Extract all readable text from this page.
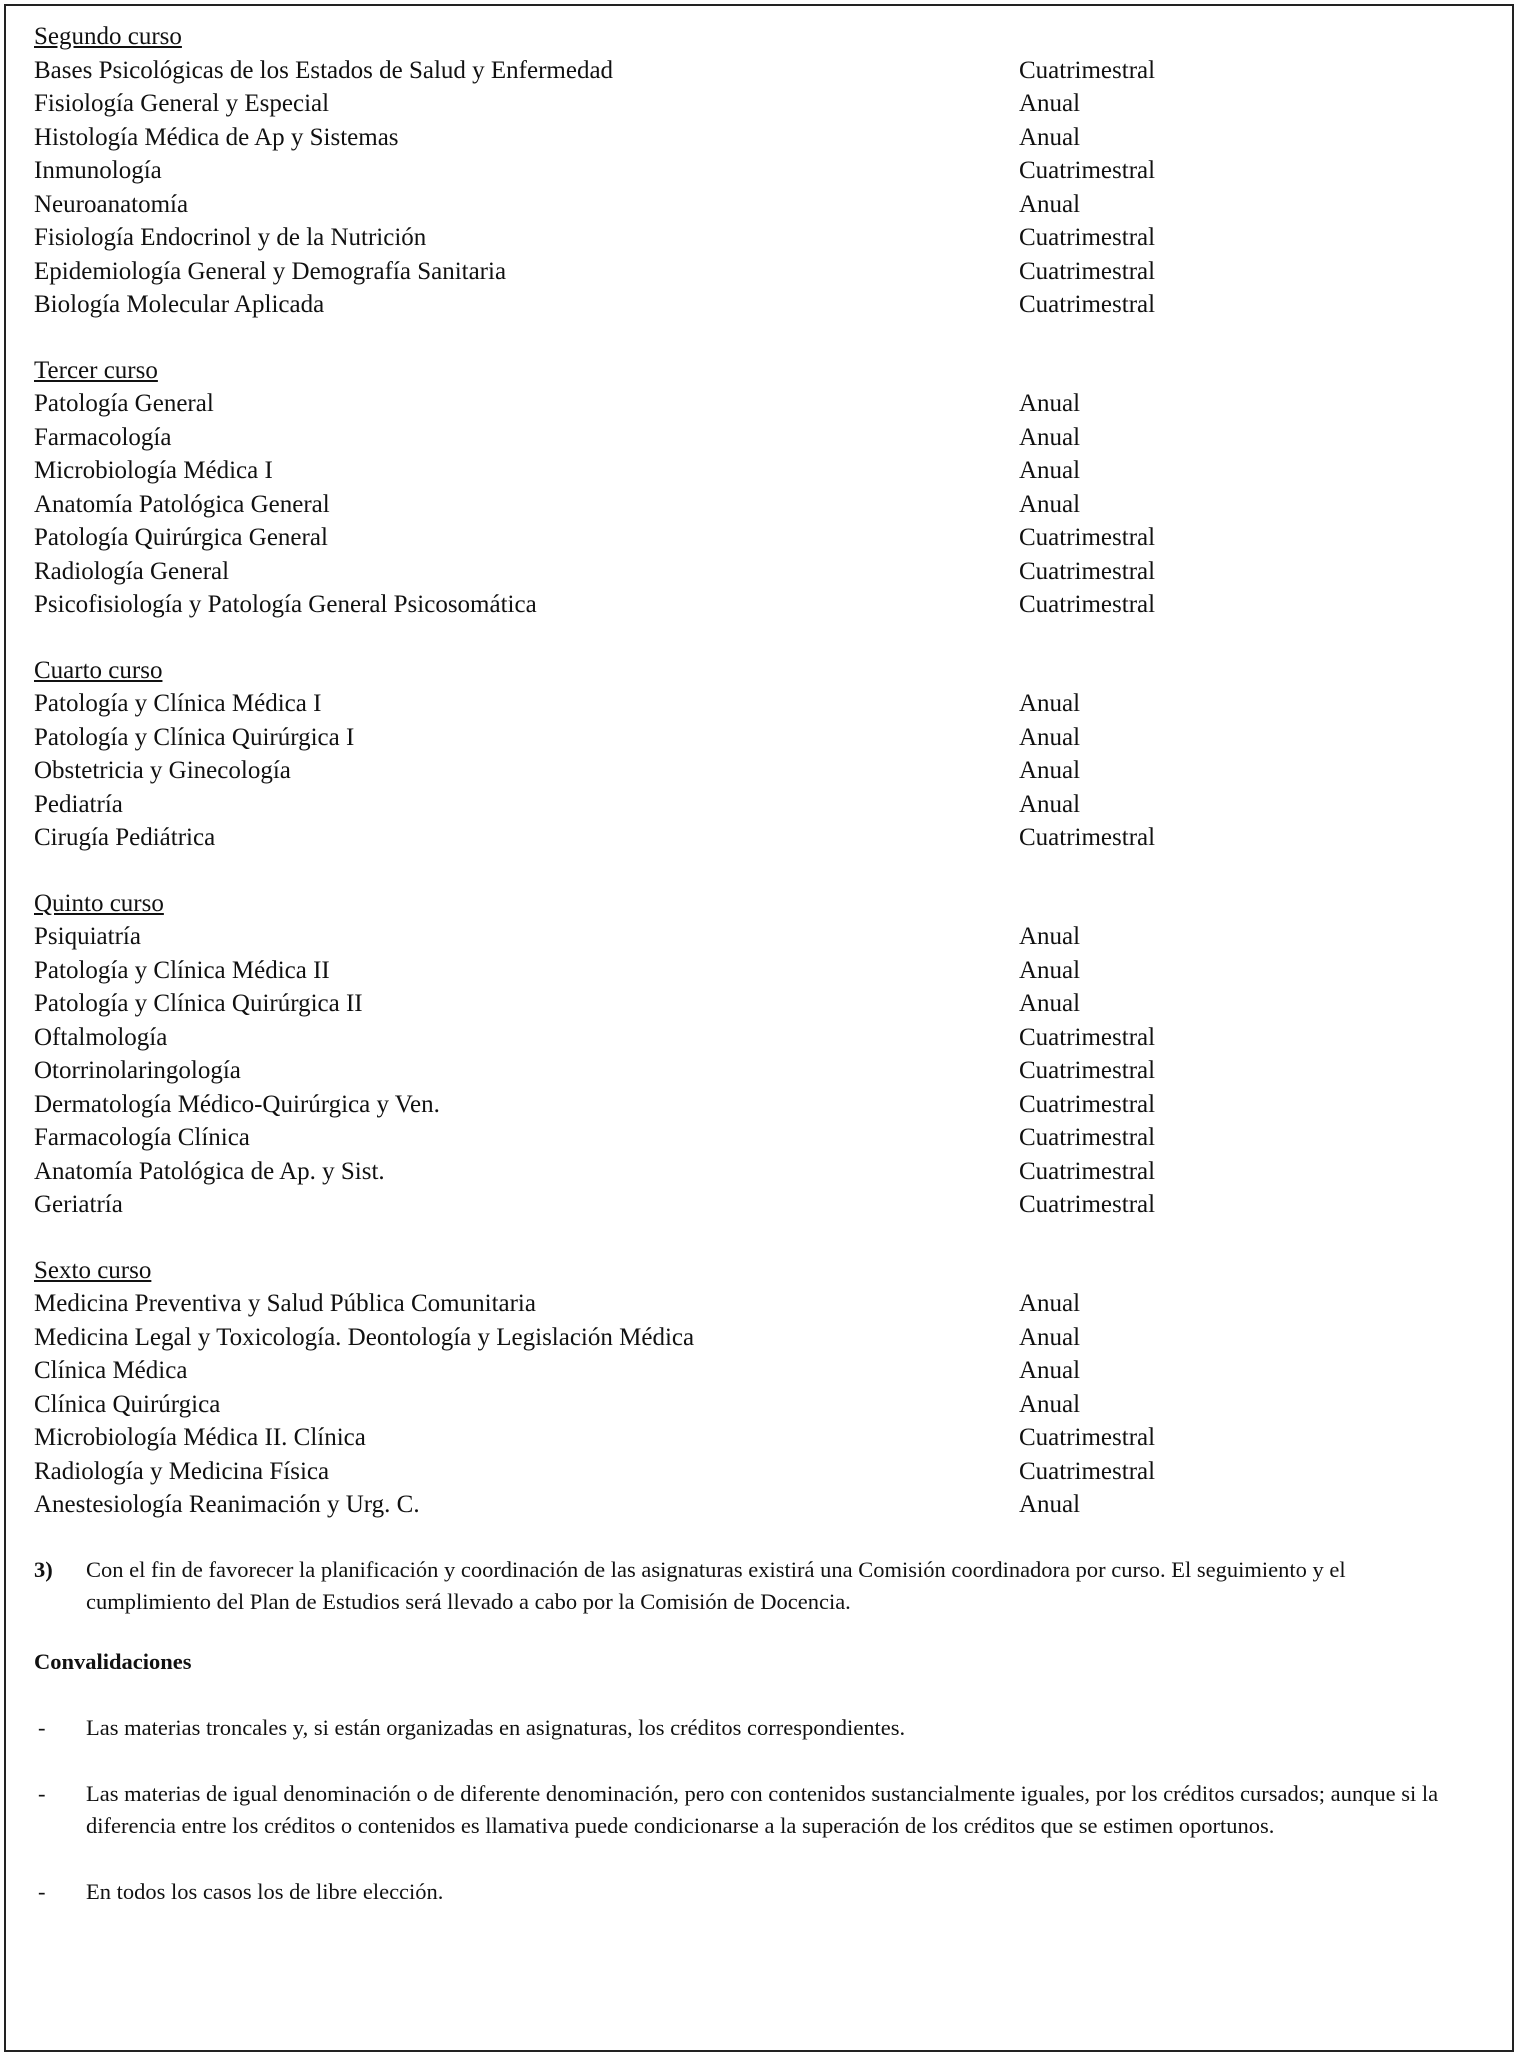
Segundo curso
Bases Psicológicas de los Estados de Salud y Enfermedad	Cuatrimestral
Fisiología General y Especial	Anual
Histología Médica de Ap y Sistemas	Anual
Inmunología	Cuatrimestral
Neuroanatomía	Anual
Fisiología Endocrinol y de la Nutrición	Cuatrimestral
Epidemiología General y Demografía Sanitaria	Cuatrimestral
Biología Molecular Aplicada	Cuatrimestral
Tercer curso
Patología General	Anual
Farmacología	Anual
Microbiología Médica I	Anual
Anatomía Patológica General	Anual
Patología Quirúrgica General	Cuatrimestral
Radiología General	Cuatrimestral
Psicofisiología y Patología General Psicosomática	Cuatrimestral
Cuarto curso
Patología y Clínica Médica I	Anual
Patología y Clínica Quirúrgica I	Anual
Obstetricia y Ginecología	Anual
Pediatría	Anual
Cirugía Pediátrica	Cuatrimestral
Quinto curso
Psiquiatría	Anual
Patología y Clínica Médica II	Anual
Patología y Clínica Quirúrgica II	Anual
Oftalmología	Cuatrimestral
Otorrinolaringología	Cuatrimestral
Dermatología Médico-Quirúrgica y Ven.	Cuatrimestral
Farmacología Clínica	Cuatrimestral
Anatomía Patológica de Ap. y Sist.	Cuatrimestral
Geriatría	Cuatrimestral
Sexto curso
Medicina Preventiva y Salud Pública Comunitaria	Anual
Medicina Legal y Toxicología. Deontología y Legislación Médica	Anual
Clínica Médica	Anual
Clínica Quirúrgica	Anual
Microbiología Médica II. Clínica	Cuatrimestral
Radiología y Medicina Física	Cuatrimestral
Anestesiología Reanimación y Urg. C.	Anual
3)	Con el fin de favorecer la planificación y coordinación de las asignaturas existirá una Comisión coordinadora por curso. El seguimiento y el cumplimiento del Plan de Estudios será llevado a cabo por la Comisión de Docencia.
Convalidaciones
-	Las materias troncales y, si están organizadas en asignaturas, los créditos correspondientes.
-	Las materias de igual denominación o de diferente denominación, pero con contenidos sustancialmente iguales, por los créditos cursados; aunque si la diferencia entre los créditos o contenidos es llamativa puede condicionarse a la superación de los créditos que se estimen oportunos.
-	En todos los casos los de libre elección.
